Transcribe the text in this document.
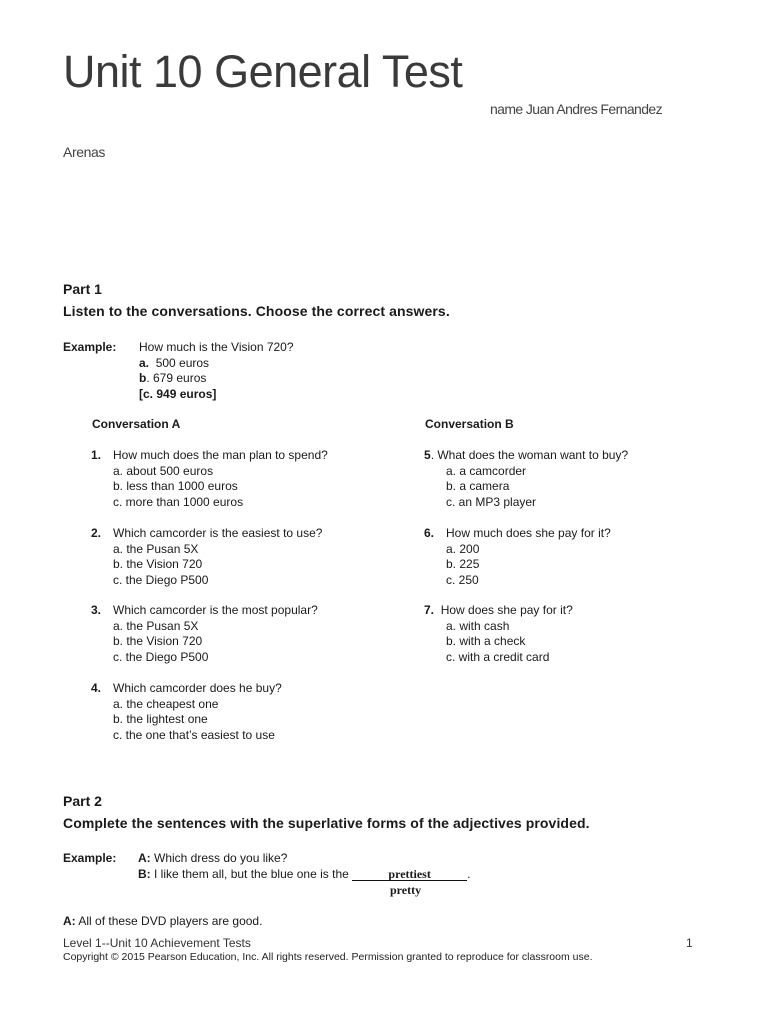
Unit 10 General Test
name Juan Andres Fernandez
Arenas
Part 1
Listen to the conversations. Choose the correct answers.
Example: How much is the Vision 720?
a. 500 euros
b. 679 euros
[c. 949 euros]
Conversation A	Conversation B
1. How much does the man plan to spend?
a. about 500 euros
b. less than 1000 euros
c. more than 1000 euros
2. Which camcorder is the easiest to use?
a. the Pusan 5X
b. the Vision 720
c. the Diego P500
3. Which camcorder is the most popular?
a. the Pusan 5X
b. the Vision 720
c. the Diego P500
4. Which camcorder does he buy?
a. the cheapest one
b. the lightest one
c. the one that’s easiest to use
5. What does the woman want to buy?
a. a camcorder
b. a camera
c. an MP3 player
6. How much does she pay for it?
a. 200
b. 225
c. 250
7. How does she pay for it?
a. with cash
b. with a check
c. with a credit card
Part 2
Complete the sentences with the superlative forms of the adjectives provided.
Example: A: Which dress do you like?
B: I like them all, but the blue one is the	prettiest	.
pretty
A: All of these DVD players are good.
Level 1--Unit 10 Achievement Tests	1
Copyright © 2015 Pearson Education, Inc. All rights reserved. Permission granted to reproduce for classroom use.
